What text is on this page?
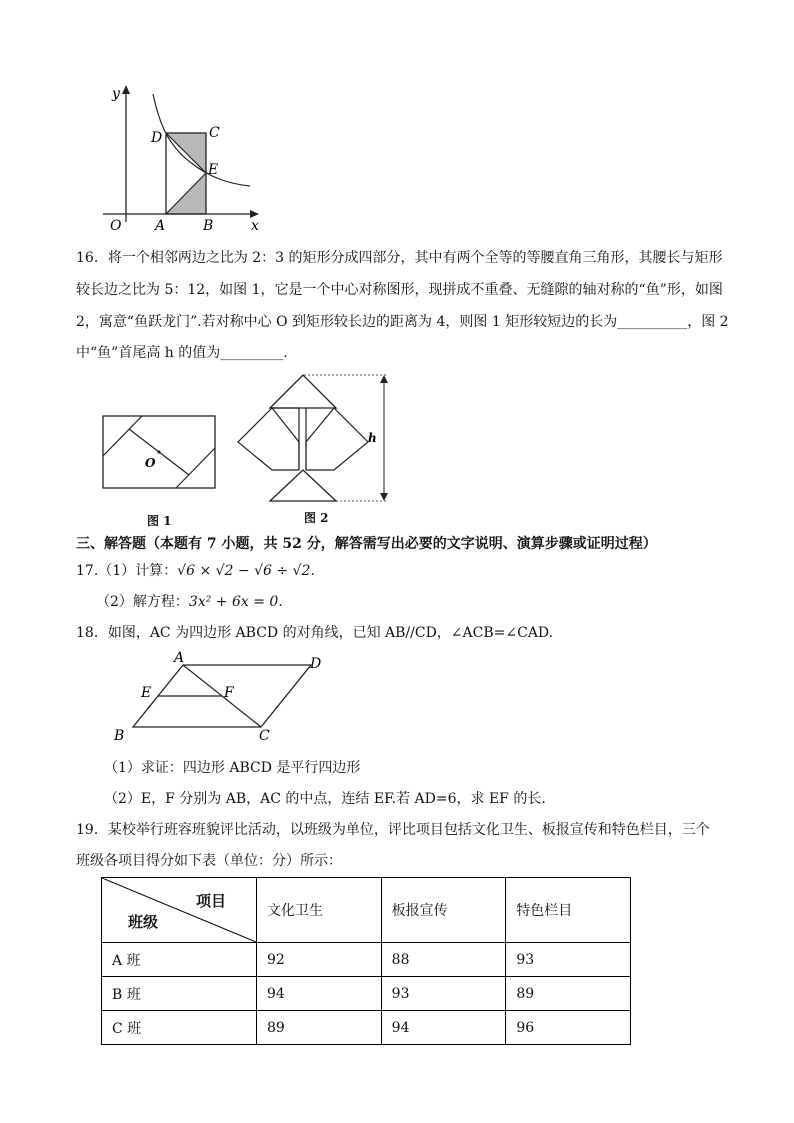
y
x
O A	B
C
D
E
16．将一个相邻两边之比为 2：3 的矩形分成四部分，其中有两个全等的等腰直角三角形，其腰长与矩形
较长边之比为 5：12，如图 1，它是一个中心对称图形，现拼成不重叠、无缝隙的轴对称的“鱼”形，如图
2，寓意“鱼跃龙门”.若对称中心 O 到矩形较长边的距离为 4，则图 1 矩形较短边的长为__________，图 2
中“鱼”首尾高 h 的值为_________.
O
图 1
h
图 2
三、解答题（本题有 7 小题，共 52 分，解答需写出必要的文字说明、演算步骤或证明过程）
17.（1）计算：√6 × √2 − √6 ÷ √2.
（2）解方程：3x² + 6x = 0.
18．如图，AC 为四边形 ABCD 的对角线，已知 AB//CD，∠ACB=∠CAD.
A	D
E	F
B	C
（1）求证：四边形 ABCD 是平行四边形
（2）E，F 分别为 AB，AC 的中点，连结 EF.若 AD=6，求 EF 的长.
19．某校举行班容班貌评比活动，以班级为单位，评比项目包括文化卫生、板报宣传和特色栏目，三个
班级各项目得分如下表（单位：分）所示：
项目
班级	文化卫生	板报宣传	特色栏目
A 班	92	88	93
B 班	94	93	89
C 班	89	94	96
